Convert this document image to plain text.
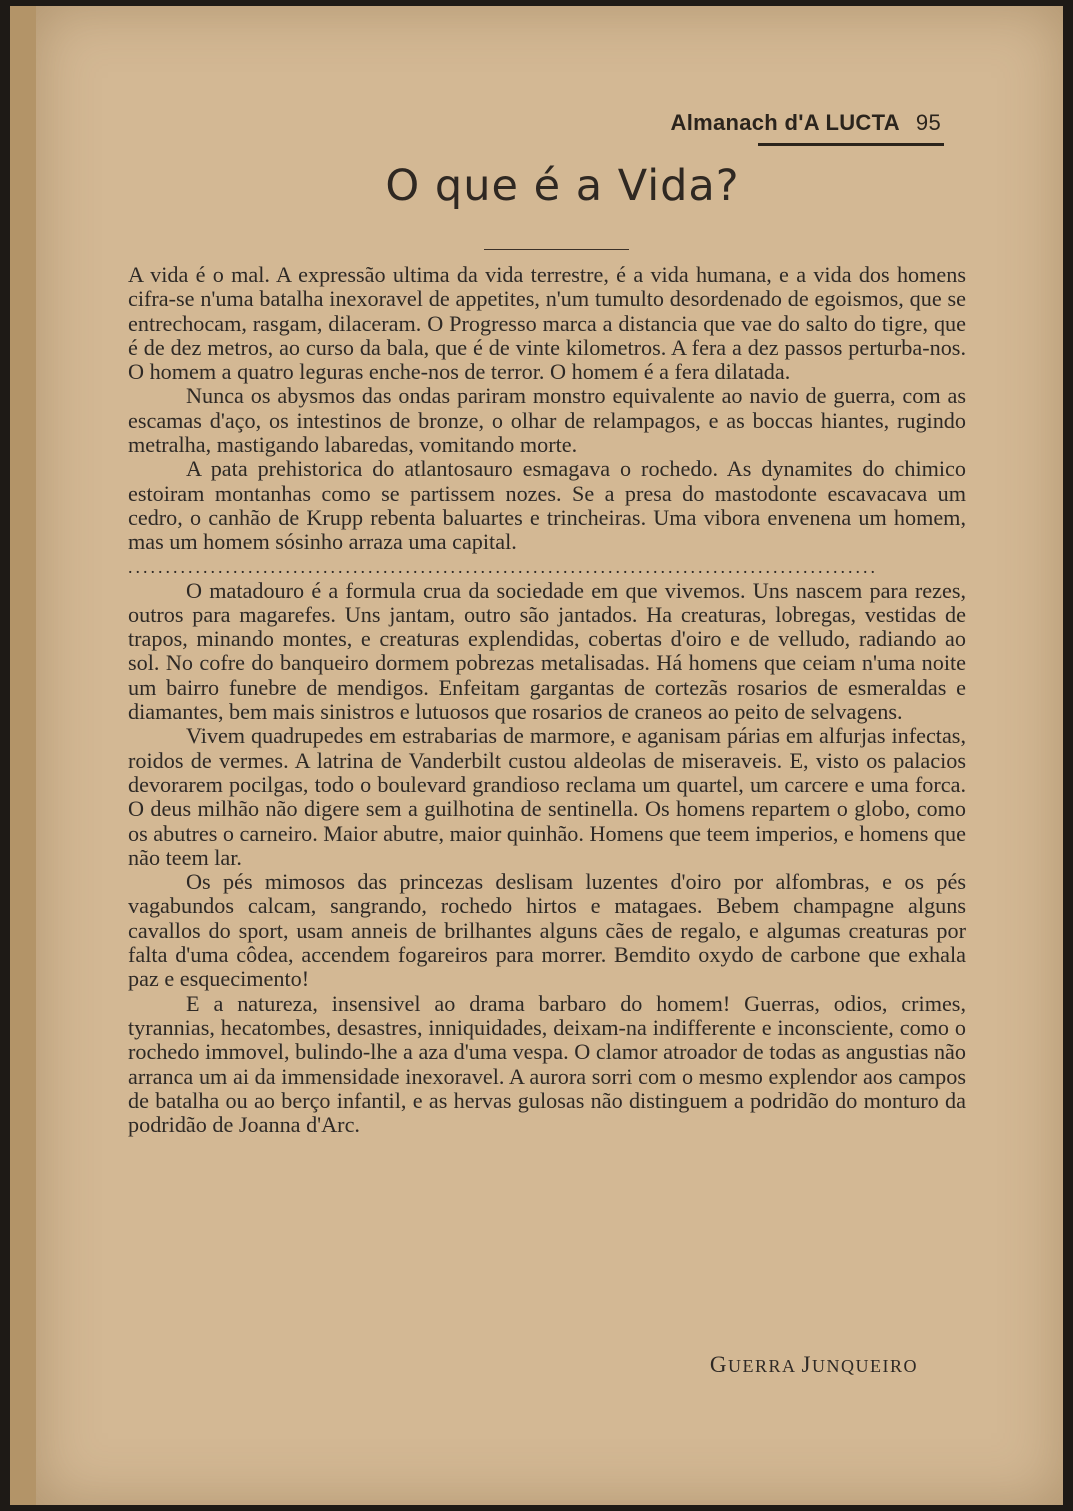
Almanach d'A LUCTA 95
O que é a Vida?

A vida é o mal. A expressão ultima da vida terrestre, é a vida humana, e a vida dos homens cifra-se n'uma batalha inexoravel de appetites, n'um tumulto desordenado de egoismos, que se entrechocam, rasgam, dilaceram. O Progresso marca a distancia que vae do salto do tigre, que é de dez metros, ao curso da bala, que é de vinte kilometros. A fera a dez passos perturba-nos. O homem a quatro leguras enche-nos de terror. O homem é a fera dilatada.

Nunca os abysmos das ondas pariram monstro equivalente ao navio de guerra, com as escamas d'aço, os intestinos de bronze, o olhar de relampagos, e as boccas hiantes, rugindo metralha, mastigando labaredas, vomitando morte.

A pata prehistorica do atlantosauro esmagava o rochedo. As dynamites do chimico estoiram montanhas como se partissem nozes. Se a presa do mastodonte escavacava um cedro, o canhão de Krupp rebenta baluartes e trincheiras. Uma vibora envenena um homem, mas um homem sósinho arraza uma capital.

....................................................................................................

O matadouro é a formula crua da sociedade em que vivemos. Uns nascem para rezes, outros para magarefes. Uns jantam, outro são jantados. Ha creaturas, lobregas, vestidas de trapos, minando montes, e creaturas explendidas, cobertas d'oiro e de velludo, radiando ao sol. No cofre do banqueiro dormem pobrezas metalisadas. Há homens que ceiam n'uma noite um bairro funebre de mendigos. Enfeitam gargantas de cortezãs rosarios de esmeraldas e diamantes, bem mais sinistros e lutuosos que rosarios de craneos ao peito de selvagens.

Vivem quadrupedes em estrabarias de marmore, e aganisam párias em alfurjas infectas, roidos de vermes. A latrina de Vanderbilt custou aldeolas de miseraveis. E, visto os palacios devorarem pocilgas, todo o boulevard grandioso reclama um quartel, um carcere e uma forca. O deus milhão não digere sem a guilhotina de sentinella. Os homens repartem o globo, como os abutres o carneiro. Maior abutre, maior quinhão. Homens que teem imperios, e homens que não teem lar.

Os pés mimosos das princezas deslisam luzentes d'oiro por alfombras, e os pés vagabundos calcam, sangrando, rochedo hirtos e matagaes. Bebem champagne alguns cavallos do sport, usam anneis de brilhantes alguns cães de regalo, e algumas creaturas por falta d'uma côdea, accendem fogareiros para morrer. Bemdito oxydo de carbone que exhala paz e esquecimento!

E a natureza, insensivel ao drama barbaro do homem! Guerras, odios, crimes, tyrannias, hecatombes, desastres, inniquidades, deixam-na indifferente e inconsciente, como o rochedo immovel, bulindo-lhe a aza d'uma vespa. O clamor atroador de todas as angustias não arranca um ai da immensidade inexoravel. A aurora sorri com o mesmo explendor aos campos de batalha ou ao berço infantil, e as hervas gulosas não distinguem a podridão do monturo da podridão de Joanna d'Arc.

GUERRA JUNQUEIRO
